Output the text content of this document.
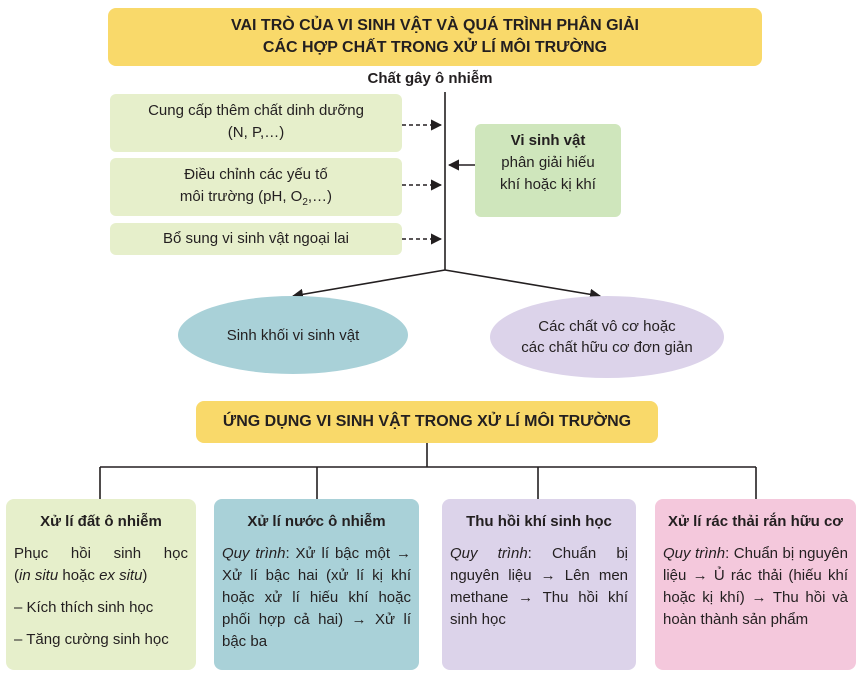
VAI TRÒ CỦA VI SINH VẬT VÀ QUÁ TRÌNH PHÂN GIẢI
CÁC HỢP CHẤT TRONG XỬ LÍ MÔI TRƯỜNG
Chất gây ô nhiễm
Cung cấp thêm chất dinh dưỡng
(N, P,…)
Điều chỉnh các yếu tố
môi trường (pH, $O_2,\dots$)
Bổ sung vi sinh vật ngoại lai
Vi sinh vật
phân giải hiếu
khí hoặc kị khí
Sinh khối vi sinh vật	Các chất vô cơ hoặc
các chất hữu cơ đơn giản
ỨNG DỤNG VI SINH VẬT TRONG XỬ LÍ MÔI TRƯỜNG
Xử lí đất ô nhiễm
Phục hồi sinh học
(in situ hoặc ex situ)
– Kích thích sinh học
– Tăng cường sinh học
Xử lí nước ô nhiễm

Quy trình: Xử lí bậc một → Xử lí bậc hai (xử lí kị khí hoặc xử lí hiếu khí hoặc phối hợp cả hai) → Xử lí bậc ba

Thu hồi khí sinh học

Quy trình: Chuẩn bị nguyên liệu → Lên men methane → Thu hồi khí sinh học

Xử lí rác thải rắn hữu cơ

Quy trình: Chuẩn bị nguyên liệu → Ủ rác thải (hiếu khí hoặc kị khí) → Thu hồi và hoàn thành sản phẩm
